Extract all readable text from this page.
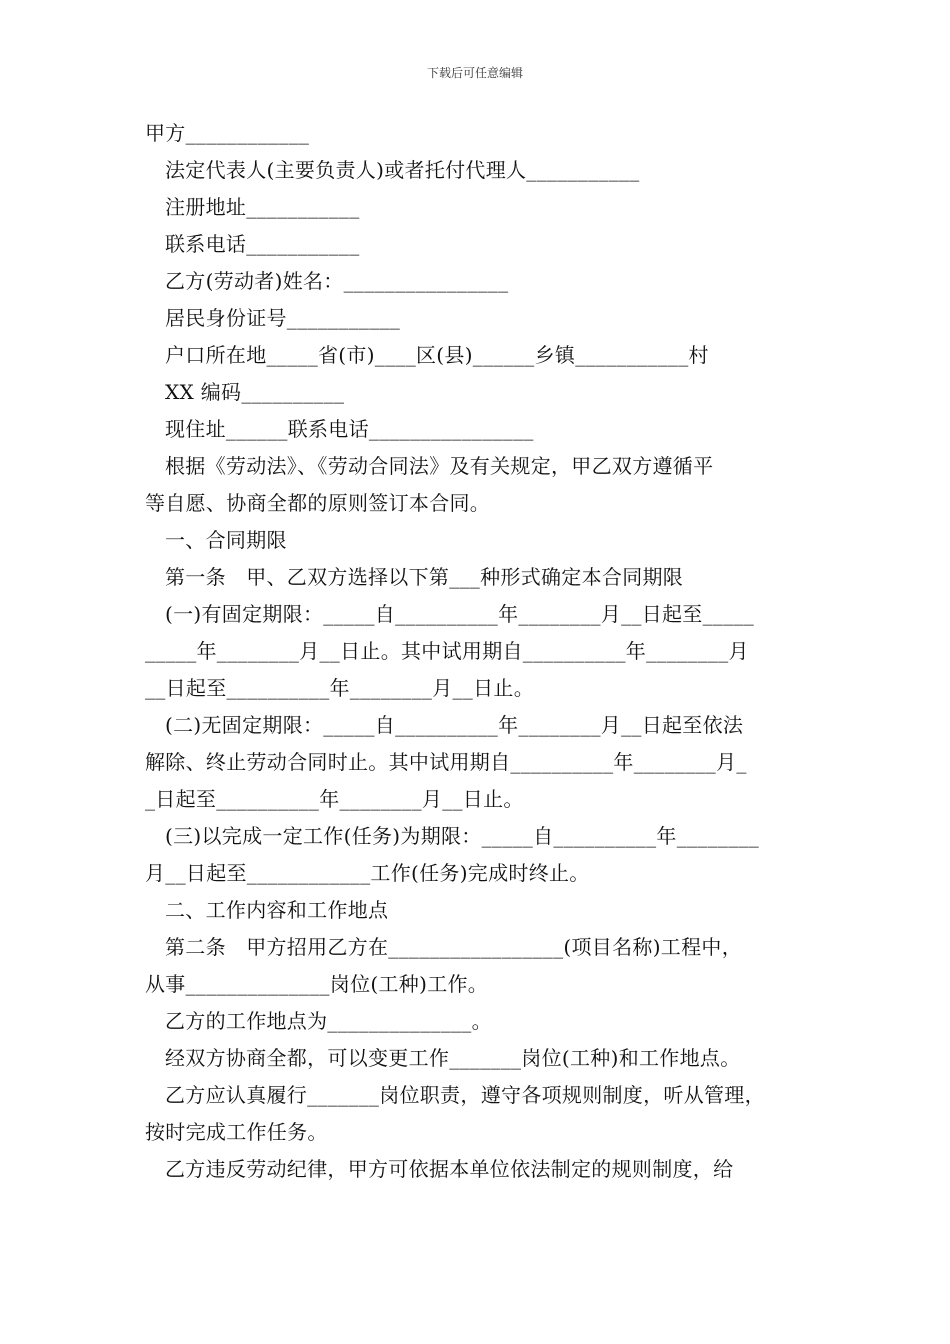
下载后可任意编辑
甲方____________
法定代表人(主要负责人)或者托付代理人___________
注册地址___________
联系电话___________
乙方(劳动者)姓名：________________
居民身份证号___________
户口所在地_____省(市)____区(县)______乡镇___________村
XX 编码__________
现住址______联系电话________________
根据《劳动法》、《劳动合同法》及有关规定，甲乙双方遵循平
等自愿、协商全都的原则签订本合同。
一、合同期限
第一条　甲、乙双方选择以下第___种形式确定本合同期限
(一)有固定期限：_____自__________年________月__日起至_____
_____年________月__日止。其中试用期自__________年________月
__日起至__________年________月__日止。
(二)无固定期限：_____自__________年________月__日起至依法
解除、终止劳动合同时止。其中试用期自__________年________月_
_日起至__________年________月__日止。
(三)以完成一定工作(任务)为期限：_____自__________年________
月__日起至____________工作(任务)完成时终止。
二、工作内容和工作地点
第二条　甲方招用乙方在_________________(项目名称)工程中，
从事______________岗位(工种)工作。
乙方的工作地点为______________。
经双方协商全都，可以变更工作_______岗位(工种)和工作地点。
乙方应认真履行_______岗位职责，遵守各项规则制度，听从管理，
按时完成工作任务。
乙方违反劳动纪律，甲方可依据本单位依法制定的规则制度，给
